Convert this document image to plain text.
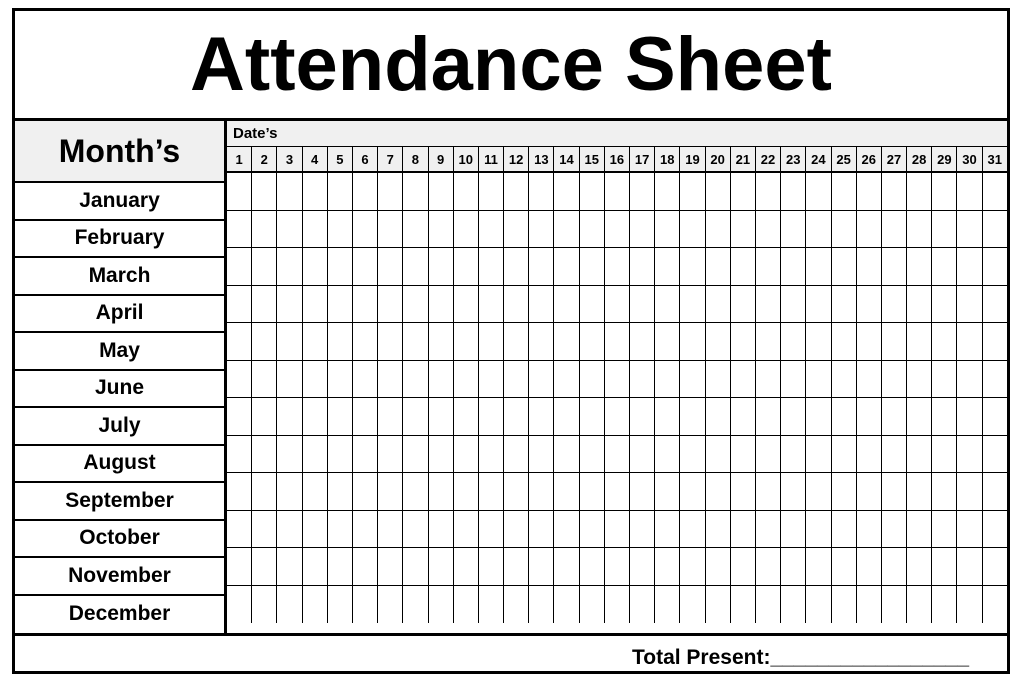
Attendance Sheet
Month’s
January
February
March
April
May
June
July
August
September
October
November
December
Date’s
1	2	3	4	5	6	7	8	9	10 11 12 13 14 15 16 17 18 19 20 21 22 23 24 25 26 27 28 29 30 31
Total Present:_________________
